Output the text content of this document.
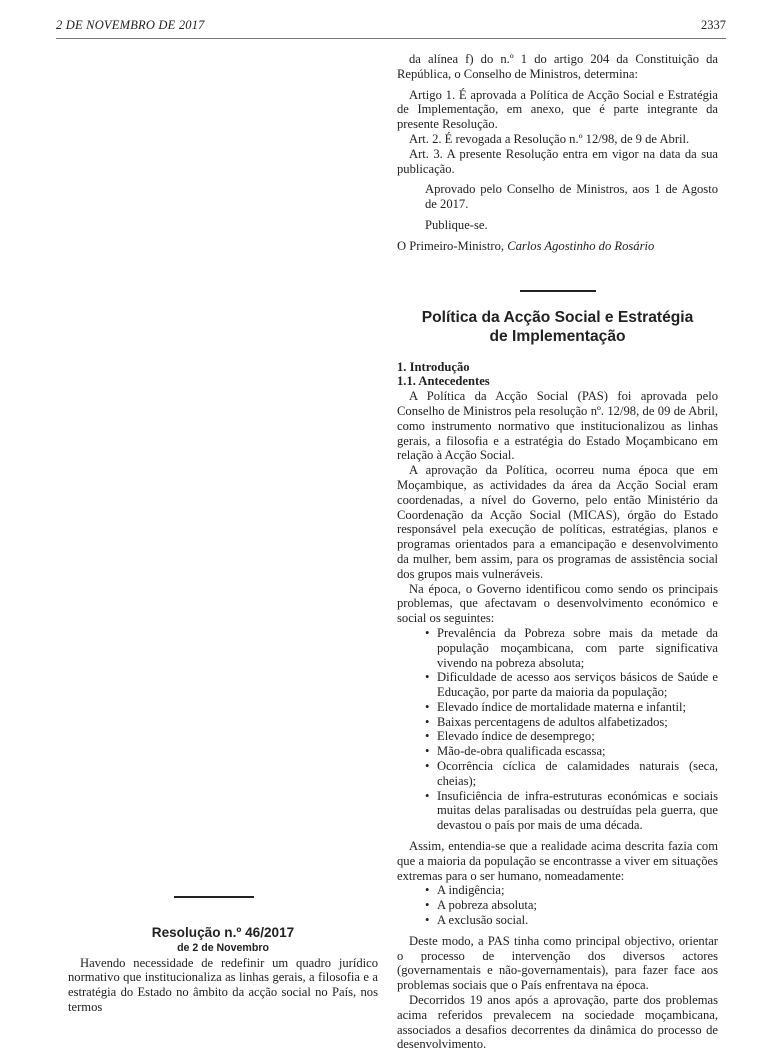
2 DE NOVEMBRO DE 2017	2337

da alínea f) do n.º 1 do artigo 204 da Constituição da República, o Conselho de Ministros, determina:

Artigo 1. É aprovada a Política de Acção Social e Estratégia de Implementação, em anexo, que é parte integrante da presente Resolução.

Art. 2. É revogada a Resolução n.º 12/98, de 9 de Abril.

Art. 3. A presente Resolução entra em vigor na data da sua publicação.

Aprovado pelo Conselho de Ministros, aos 1 de Agosto de 2017.

Publique-se.

O Primeiro-Ministro, Carlos Agostinho do Rosário

Política da Acção Social e Estratégia
de Implementação

1. Introdução

1.1. Antecedentes

A Política da Acção Social (PAS) foi aprovada pelo Conselho de Ministros pela resolução nº. 12/98, de 09 de Abril, como instrumento normativo que institucionalizou as linhas gerais, a filosofia e a estratégia do Estado Moçambicano em relação à Acção Social.

A aprovação da Política, ocorreu numa época que em Moçambique, as actividades da área da Acção Social eram coordenadas, a nível do Governo, pelo então Ministério da Coordenação da Acção Social (MICAS), órgão do Estado responsável pela execução de políticas, estratégias, planos e programas orientados para a emancipação e desenvolvimento da mulher, bem assim, para os programas de assistência social dos grupos mais vulneráveis.

Na época, o Governo identificou como sendo os principais problemas, que afectavam o desenvolvimento económico e social os seguintes:

• Prevalência da Pobreza sobre mais da metade da população moçambicana, com parte significativa vivendo na pobreza absoluta;
• Dificuldade de acesso aos serviços básicos de Saúde e Educação, por parte da maioria da população;
• Elevado índice de mortalidade materna e infantil;
• Baixas percentagens de adultos alfabetizados;
• Elevado índice de desemprego;
• Mão-de-obra qualificada escassa;
• Ocorrência cíclica de calamidades naturais (seca, cheias);
• Insuficiência de infra-estruturas económicas e sociais muitas delas paralisadas ou destruídas pela guerra, que devastou o país por mais de uma década.

Assim, entendia-se que a realidade acima descrita fazia com que a maioria da população se encontrasse a viver em situações extremas para o ser humano, nomeadamente:

• A indigência;
• A pobreza absoluta;
• A exclusão social.

Deste modo, a PAS tinha como principal objectivo, orientar o processo de intervenção dos diversos actores (governamentais e não-governamentais), para fazer face aos problemas sociais que o País enfrentava na época.

Decorridos 19 anos após a aprovação, parte dos problemas acima referidos prevalecem na sociedade moçambicana, associados a desafios decorrentes da dinâmica do processo de desenvolvimento.

Resolução n.º 46/2017

de 2 de Novembro

Havendo necessidade de redefinir um quadro jurídico normativo que institucionaliza as linhas gerais, a filosofia e a estratégia do Estado no âmbito da acção social no País, nos termos
